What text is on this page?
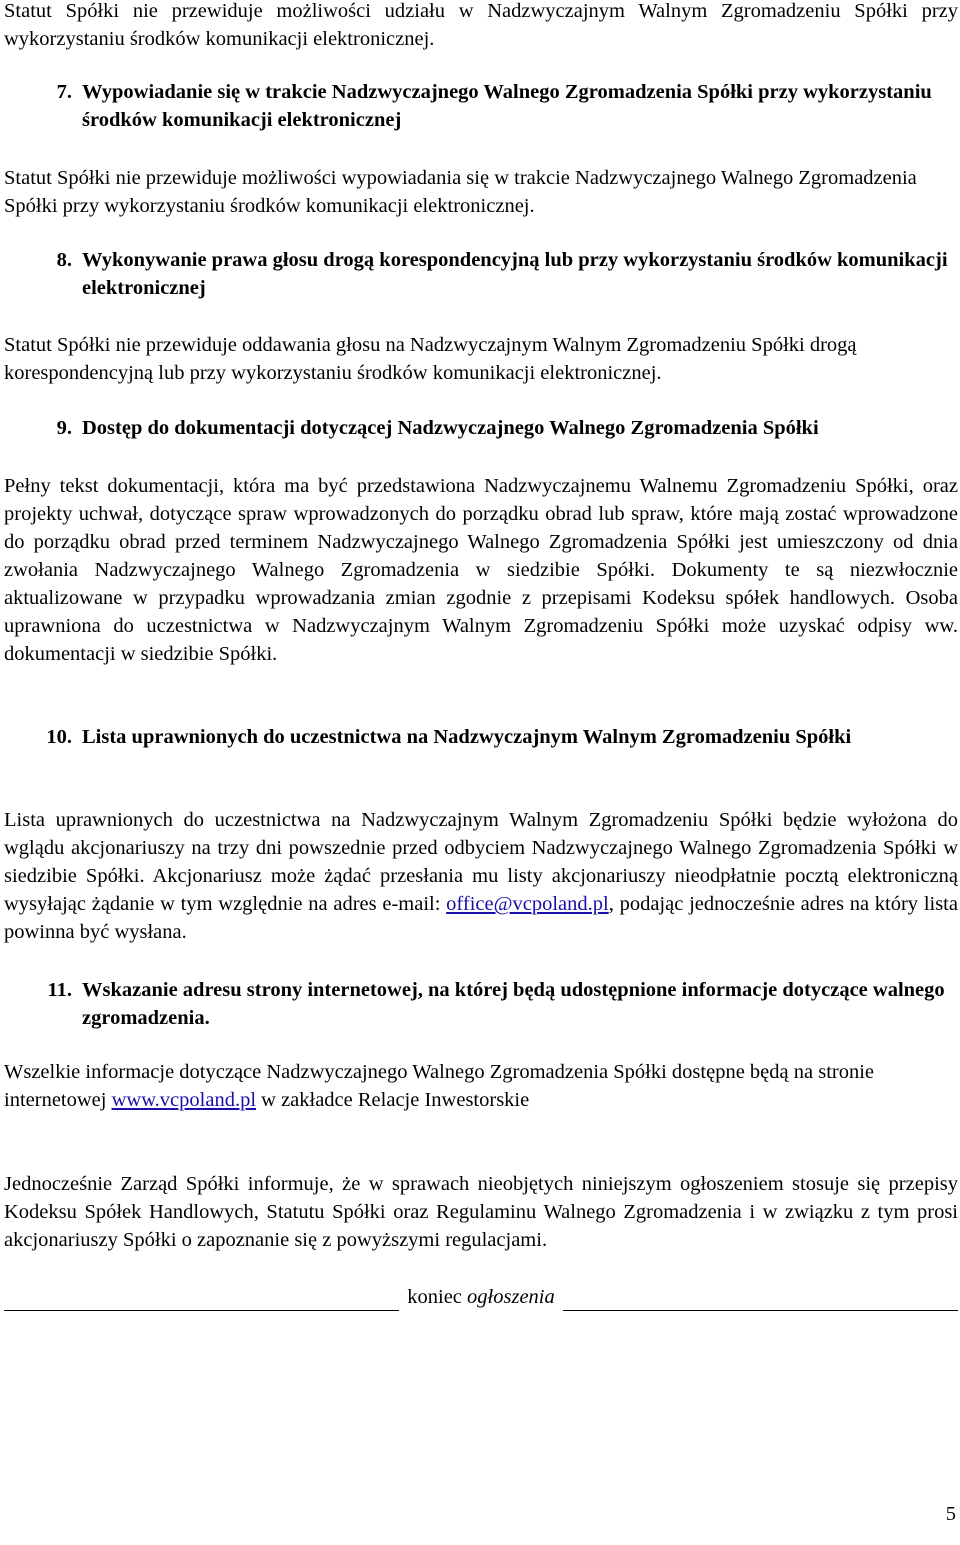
Statut Spółki nie przewiduje możliwości udziału w Nadzwyczajnym Walnym Zgromadzeniu Spółki przy wykorzystaniu środków komunikacji elektronicznej.

7. Wypowiadanie się w trakcie Nadzwyczajnego Walnego Zgromadzenia Spółki przy wykorzystaniu środków komunikacji elektronicznej

Statut Spółki nie przewiduje możliwości wypowiadania się w trakcie Nadzwyczajnego Walnego Zgromadzenia Spółki przy wykorzystaniu środków komunikacji elektronicznej.

8. Wykonywanie prawa głosu drogą korespondencyjną lub przy wykorzystaniu środków komunikacji elektronicznej

Statut Spółki nie przewiduje oddawania głosu na Nadzwyczajnym Walnym Zgromadzeniu Spółki drogą korespondencyjną lub przy wykorzystaniu środków komunikacji elektronicznej.

9. Dostęp do dokumentacji dotyczącej Nadzwyczajnego Walnego Zgromadzenia Spółki

Pełny tekst dokumentacji, która ma być przedstawiona Nadzwyczajnemu Walnemu Zgromadzeniu Spółki, oraz projekty uchwał, dotyczące spraw wprowadzonych do porządku obrad lub spraw, które mają zostać wprowadzone do porządku obrad przed terminem Nadzwyczajnego Walnego Zgromadzenia Spółki jest umieszczony od dnia zwołania Nadzwyczajnego Walnego Zgromadzenia w siedzibie Spółki. Dokumenty te są niezwłocznie aktualizowane w przypadku wprowadzania zmian zgodnie z przepisami Kodeksu spółek handlowych. Osoba uprawniona do uczestnictwa w Nadzwyczajnym Walnym Zgromadzeniu Spółki może uzyskać odpisy ww. dokumentacji w siedzibie Spółki.

10. Lista uprawnionych do uczestnictwa na Nadzwyczajnym Walnym Zgromadzeniu Spółki

Lista uprawnionych do uczestnictwa na Nadzwyczajnym Walnym Zgromadzeniu Spółki będzie wyłożona do wglądu akcjonariuszy na trzy dni powszednie przed odbyciem Nadzwyczajnego Walnego Zgromadzenia Spółki w siedzibie Spółki. Akcjonariusz może żądać przesłania mu listy akcjonariuszy nieodpłatnie pocztą elektroniczną wysyłając żądanie w tym względnie na adres e-mail: office@vcpoland.pl, podając jednocześnie adres na który lista powinna być wysłana.

11. Wskazanie adresu strony internetowej, na której będą udostępnione informacje dotyczące walnego zgromadzenia.

Wszelkie informacje dotyczące Nadzwyczajnego Walnego Zgromadzenia Spółki dostępne będą na stronie internetowej www.vcpoland.pl w zakładce Relacje Inwestorskie

Jednocześnie Zarząd Spółki informuje, że w sprawach nieobjętych niniejszym ogłoszeniem stosuje się przepisy Kodeksu Spółek Handlowych, Statutu Spółki oraz Regulaminu Walnego Zgromadzenia i w związku z tym prosi akcjonariuszy Spółki o zapoznanie się z powyższymi regulacjami.

koniec ogłoszenia
5
